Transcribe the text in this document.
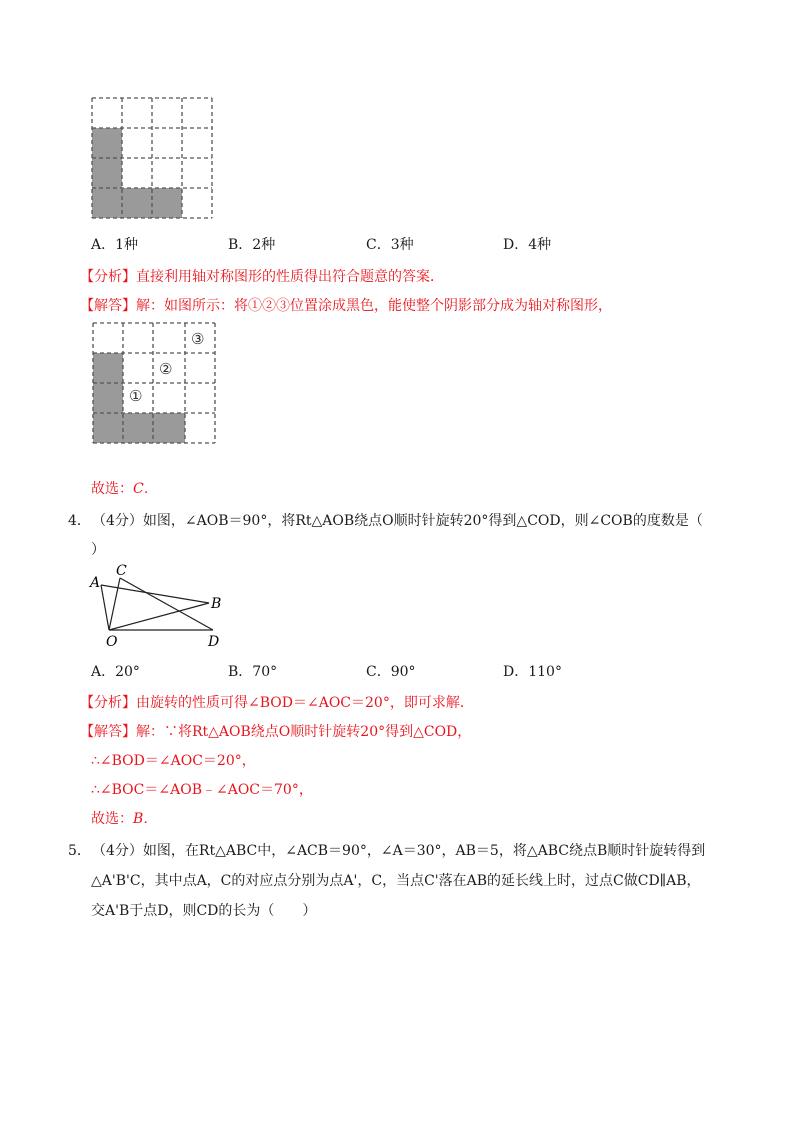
A．1种	B．2种	C．3种	D．4种
【分析】直接利用轴对称图形的性质得出符合题意的答案．
【解答】解：如图所示：将①②③位置涂成黑色，能使整个阴影部分成为轴对称图形，
①
②
③
故选：C．
4． （4分）如图，∠AOB＝90°，将Rt△AOB绕点O顺时针旋转20°得到△COD，则∠COB的度数是（
）
A
C
B
O	D
A．20°	B．70°	C．90°	D．110°
【分析】由旋转的性质可得∠BOD＝∠AOC＝20°，即可求解．
【解答】解：∵将Rt△AOB绕点O顺时针旋转20°得到△COD，
∴∠BOD＝∠AOC＝20°，
∴∠BOC＝∠AOB﹣∠AOC＝70°，
故选：B．
5． （4分）如图，在Rt△ABC中，∠ACB＝90°，∠A＝30°，AB＝5，将△ABC绕点B顺时针旋转得到
△A'B'C，其中点A，C的对应点分别为点A'，C，当点C'落在AB的延长线上时，过点C做CD∥AB，
交A'B于点D，则CD的长为（　　）
